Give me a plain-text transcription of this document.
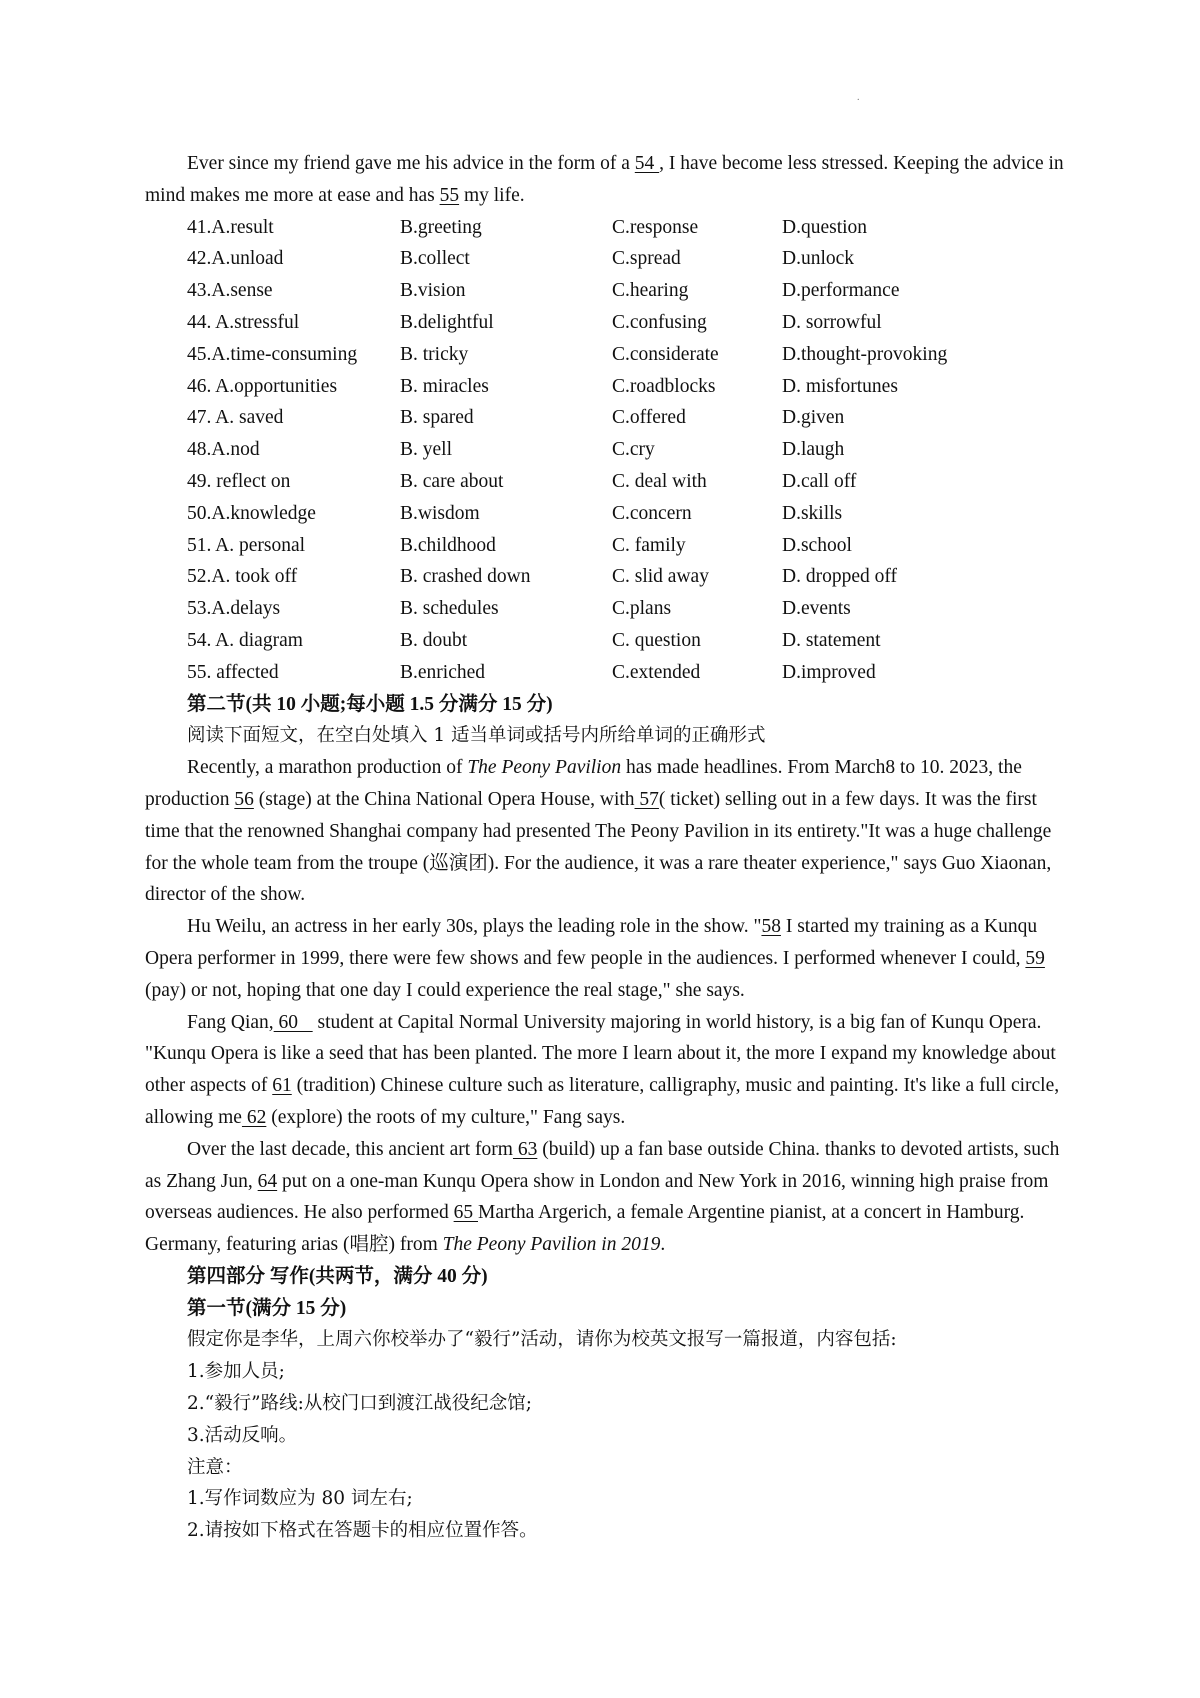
.

Ever since my friend gave me his advice in the form of a 54 , I have become less stressed. Keeping the advice in mind makes me more at ease and has 55 my life.

41.A.result	B.greeting	C.response	D.question
42.A.unload	B.collect	C.spread	D.unlock
43.A.sense	B.vision	C.hearing	D.performance
44. A.stressful	B.delightful	C.confusing	D. sorrowful
45.A.time-consuming	B. tricky	C.considerate	D.thought-provoking
46. A.opportunities	B. miracles	C.roadblocks	D. misfortunes
47. A. saved	B. spared	C.offered	D.given
48.A.nod	B. yell	C.cry	D.laugh
49. reflect on	B. care about	C. deal with	D.call off
50.A.knowledge	B.wisdom	C.concern	D.skills
51. A. personal	B.childhood	C. family	D.school
52.A. took off	B. crashed down	C. slid away	D. dropped off
53.A.delays	B. schedules	C.plans	D.events
54. A. diagram	B. doubt	C. question	D. statement
55. affected	B.enriched	C.extended	D.improved

第二节(共 10 小题;每小题 1.5 分满分 15 分)

阅读下面短文，在空白处填入 1 适当单词或括号内所给单词的正确形式

Recently, a marathon production of The Peony Pavilion has made headlines. From March8 to 10. 2023, the production 56 (stage) at the China National Opera House, with 57( ticket) selling out in a few days. It was the first time that the renowned Shanghai company had presented The Peony Pavilion in its entirety."It was a huge challenge for the whole team from the troupe (巡演团). For the audience, it was a rare theater experience," says Guo Xiaonan, director of the show.

Hu Weilu, an actress in her early 30s, plays the leading role in the show. "58 I started my training as a Kunqu Opera performer in 1999, there were few shows and few people in the audiences. I performed whenever I could, 59 (pay) or not, hoping that one day I could experience the real stage," she says.

Fang Qian, 60    student at Capital Normal University majoring in world history, is a big fan of Kunqu Opera. "Kunqu Opera is like a seed that has been planted. The more I learn about it, the more I expand my knowledge about other aspects of 61 (tradition) Chinese culture such as literature, calligraphy, music and painting. It's like a full circle, allowing me 62 (explore) the roots of my culture," Fang says.

Over the last decade, this ancient art form 63 (build) up a fan base outside China. thanks to devoted artists, such as Zhang Jun, 64 put on a one-man Kunqu Opera show in London and New York in 2016, winning high praise from overseas audiences. He also performed 65 Martha Argerich, a female Argentine pianist, at a concert in Hamburg. Germany, featuring arias (唱腔) from The Peony Pavilion in 2019.

第四部分 写作(共两节，满分 40 分)

第一节(满分 15 分)

假定你是李华，上周六你校举办了“毅行”活动，请你为校英文报写一篇报道，内容包括:

1.参加人员;

2.“毅行”路线:从校门口到渡江战役纪念馆;

3.活动反响。

注意：

1.写作词数应为 80 词左右;

2.请按如下格式在答题卡的相应位置作答。
